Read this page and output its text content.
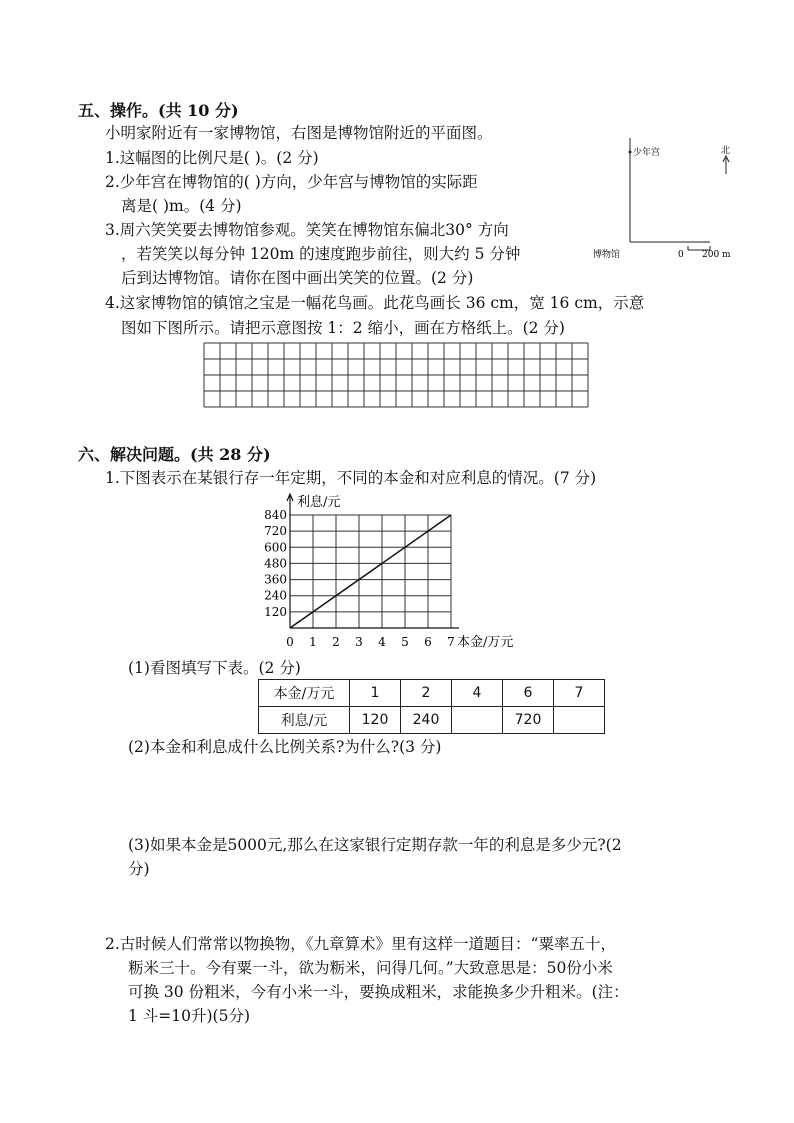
五、操作。(共 10 分)
小明家附近有一家博物馆，右图是博物馆附近的平面图。
1.这幅图的比例尺是( )。(2 分)
2.少年宫在博物馆的( )方向，少年宫与博物馆的实际距
离是( )m。(4 分)
3.周六笑笑要去博物馆参观。笑笑在博物馆东偏北30° 方向
，若笑笑以每分钟 120m 的速度跑步前往，则大约 5 分钟
后到达博物馆。请你在图中画出笑笑的位置。(2 分)
4.这家博物馆的镇馆之宝是一幅花鸟画。此花鸟画长 36 cm，宽 16 cm，示意
图如下图所示。请把示意图按 1：2 缩小，画在方格纸上。(2 分)
少年宫
博物馆
北
0 200 m
六、解决问题。(共 28 分)
1.下图表示在某银行存一年定期，不同的本金和对应利息的情况。(7 分)
120
240
360
480
600
720
840
0 1 2 3 4 5 6 7
利息/元
本金/万元
(1)看图填写下表。(2 分)
本金/万元	1	2	4	6	7
利息/元	120	240		720	
(2)本金和利息成什么比例关系?为什么?(3 分)
(3)如果本金是5000元,那么在这家银行定期存款一年的利息是多少元?(2
分)
2.古时候人们常常以物换物，《九章算术》里有这样一道题目：“粟率五十，
粝米三十。今有粟一斗，欲为粝米，问得几何。”大致意思是：50份小米
可换 30 份粗米，今有小米一斗，要换成粗米，求能换多少升粗米。(注：
1 斗=10升)(5分)
